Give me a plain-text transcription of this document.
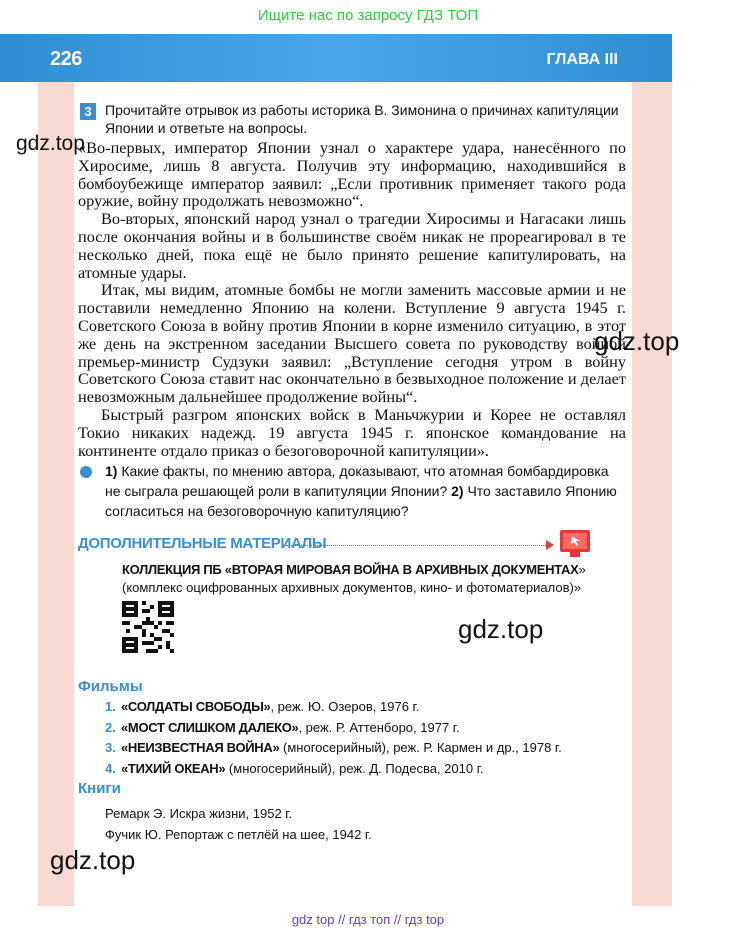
Ищите нас по запросу ГДЗ ТОП
226	ГЛАВА III
gdz.top
gdz.top
gdz.top
gdz.top
3 Прочитайте отрывок из работы историка В. Зимонина о причинах капитуляции Японии и ответьте на вопросы.

«Во-первых, император Японии узнал о характере удара, нанесённого по Хиросиме, лишь 8 августа. Получив эту информацию, находившийся в бомбоубежище император заявил: „Если противник применяет такого рода оружие, войну продолжать невозможно“.

Во-вторых, японский народ узнал о трагедии Хиросимы и Нагасаки лишь после окончания войны и в большинстве своём никак не прореагировал в те несколько дней, пока ещё не было принято решение капитулировать, на атомные удары.

Итак, мы видим, атомные бомбы не могли заменить массовые армии и не поставили немедленно Японию на колени. Вступление 9 августа 1945 г. Советского Союза в войну против Японии в корне изменило ситуацию, в этот же день на экстренном заседании Высшего совета по руководству войной премьер-министр Судзуки заявил: „Вступление сегодня утром в войну Советского Союза ставит нас окончательно в безвыходное положение и делает невозможным дальнейшее продолжение войны“.

Быстрый разгром японских войск в Маньчжурии и Корее не оставлял Токио никаких надежд. 19 августа 1945 г. японское командование на континенте отдало приказ о безоговорочной капитуляции».

1) Какие факты, по мнению автора, доказывают, что атомная бомбардировка не сыграла решающей роли в капитуляции Японии? 2) Что заставило Японию согласиться на безоговорочную капитуляцию?
ДОПОЛНИТЕЛЬНЫЕ МАТЕРИАЛЫ
КОЛЛЕКЦИЯ ПБ «ВТОРАЯ МИРОВАЯ ВОЙНА В АРХИВНЫХ ДОКУМЕНТАХ» (комплекс оцифрованных архивных документов, кино- и фотоматериалов)»
Фильмы
1. «СОЛДАТЫ СВОБОДЫ», реж. Ю. Озеров, 1976 г.
2. «МОСТ СЛИШКОМ ДАЛЕКО», реж. Р. Аттенборо, 1977 г.
3. «НЕИЗВЕСТНАЯ ВОЙНА» (многосерийный), реж. Р. Кармен и др., 1978 г.
4. «ТИХИЙ ОКЕАН» (многосерийный), реж. Д. Подесва, 2010 г.
Книги
Ремарк Э. Искра жизни, 1952 г.
Фучик Ю. Репортаж с петлёй на шее, 1942 г.
gdz top // гдз топ // гдз top
